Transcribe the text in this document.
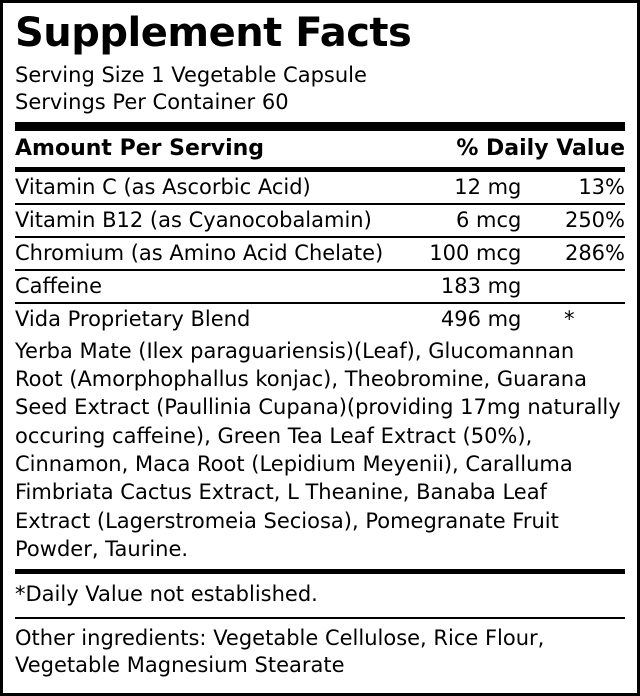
Supplement Facts
Serving Size 1 Vegetable Capsule
Servings Per Container 60
Amount Per Serving	% Daily Value
Vitamin C (as Ascorbic Acid)	12 mg	13%
Vitamin B12 (as Cyanocobalamin)	6 mcg	250%
Chromium (as Amino Acid Chelate)	100 mcg	286%
Caffeine	183 mg	
Vida Proprietary Blend	496 mg	*

Yerba Mate (Ilex paraguariensis)(Leaf), Glucomannan Root (Amorphophallus konjac), Theobromine, Guarana Seed Extract (Paullinia Cupana)(providing 17mg naturally occuring caffeine), Green Tea Leaf Extract (50%), Cinnamon, Maca Root (Lepidium Meyenii), Caralluma Fimbriata Cactus Extract, L Theanine, Banaba Leaf Extract (Lagerstromeia Seciosa), Pomegranate Fruit Powder, Taurine.

*Daily Value not established.

Other ingredients: Vegetable Cellulose, Rice Flour, Vegetable Magnesium Stearate
